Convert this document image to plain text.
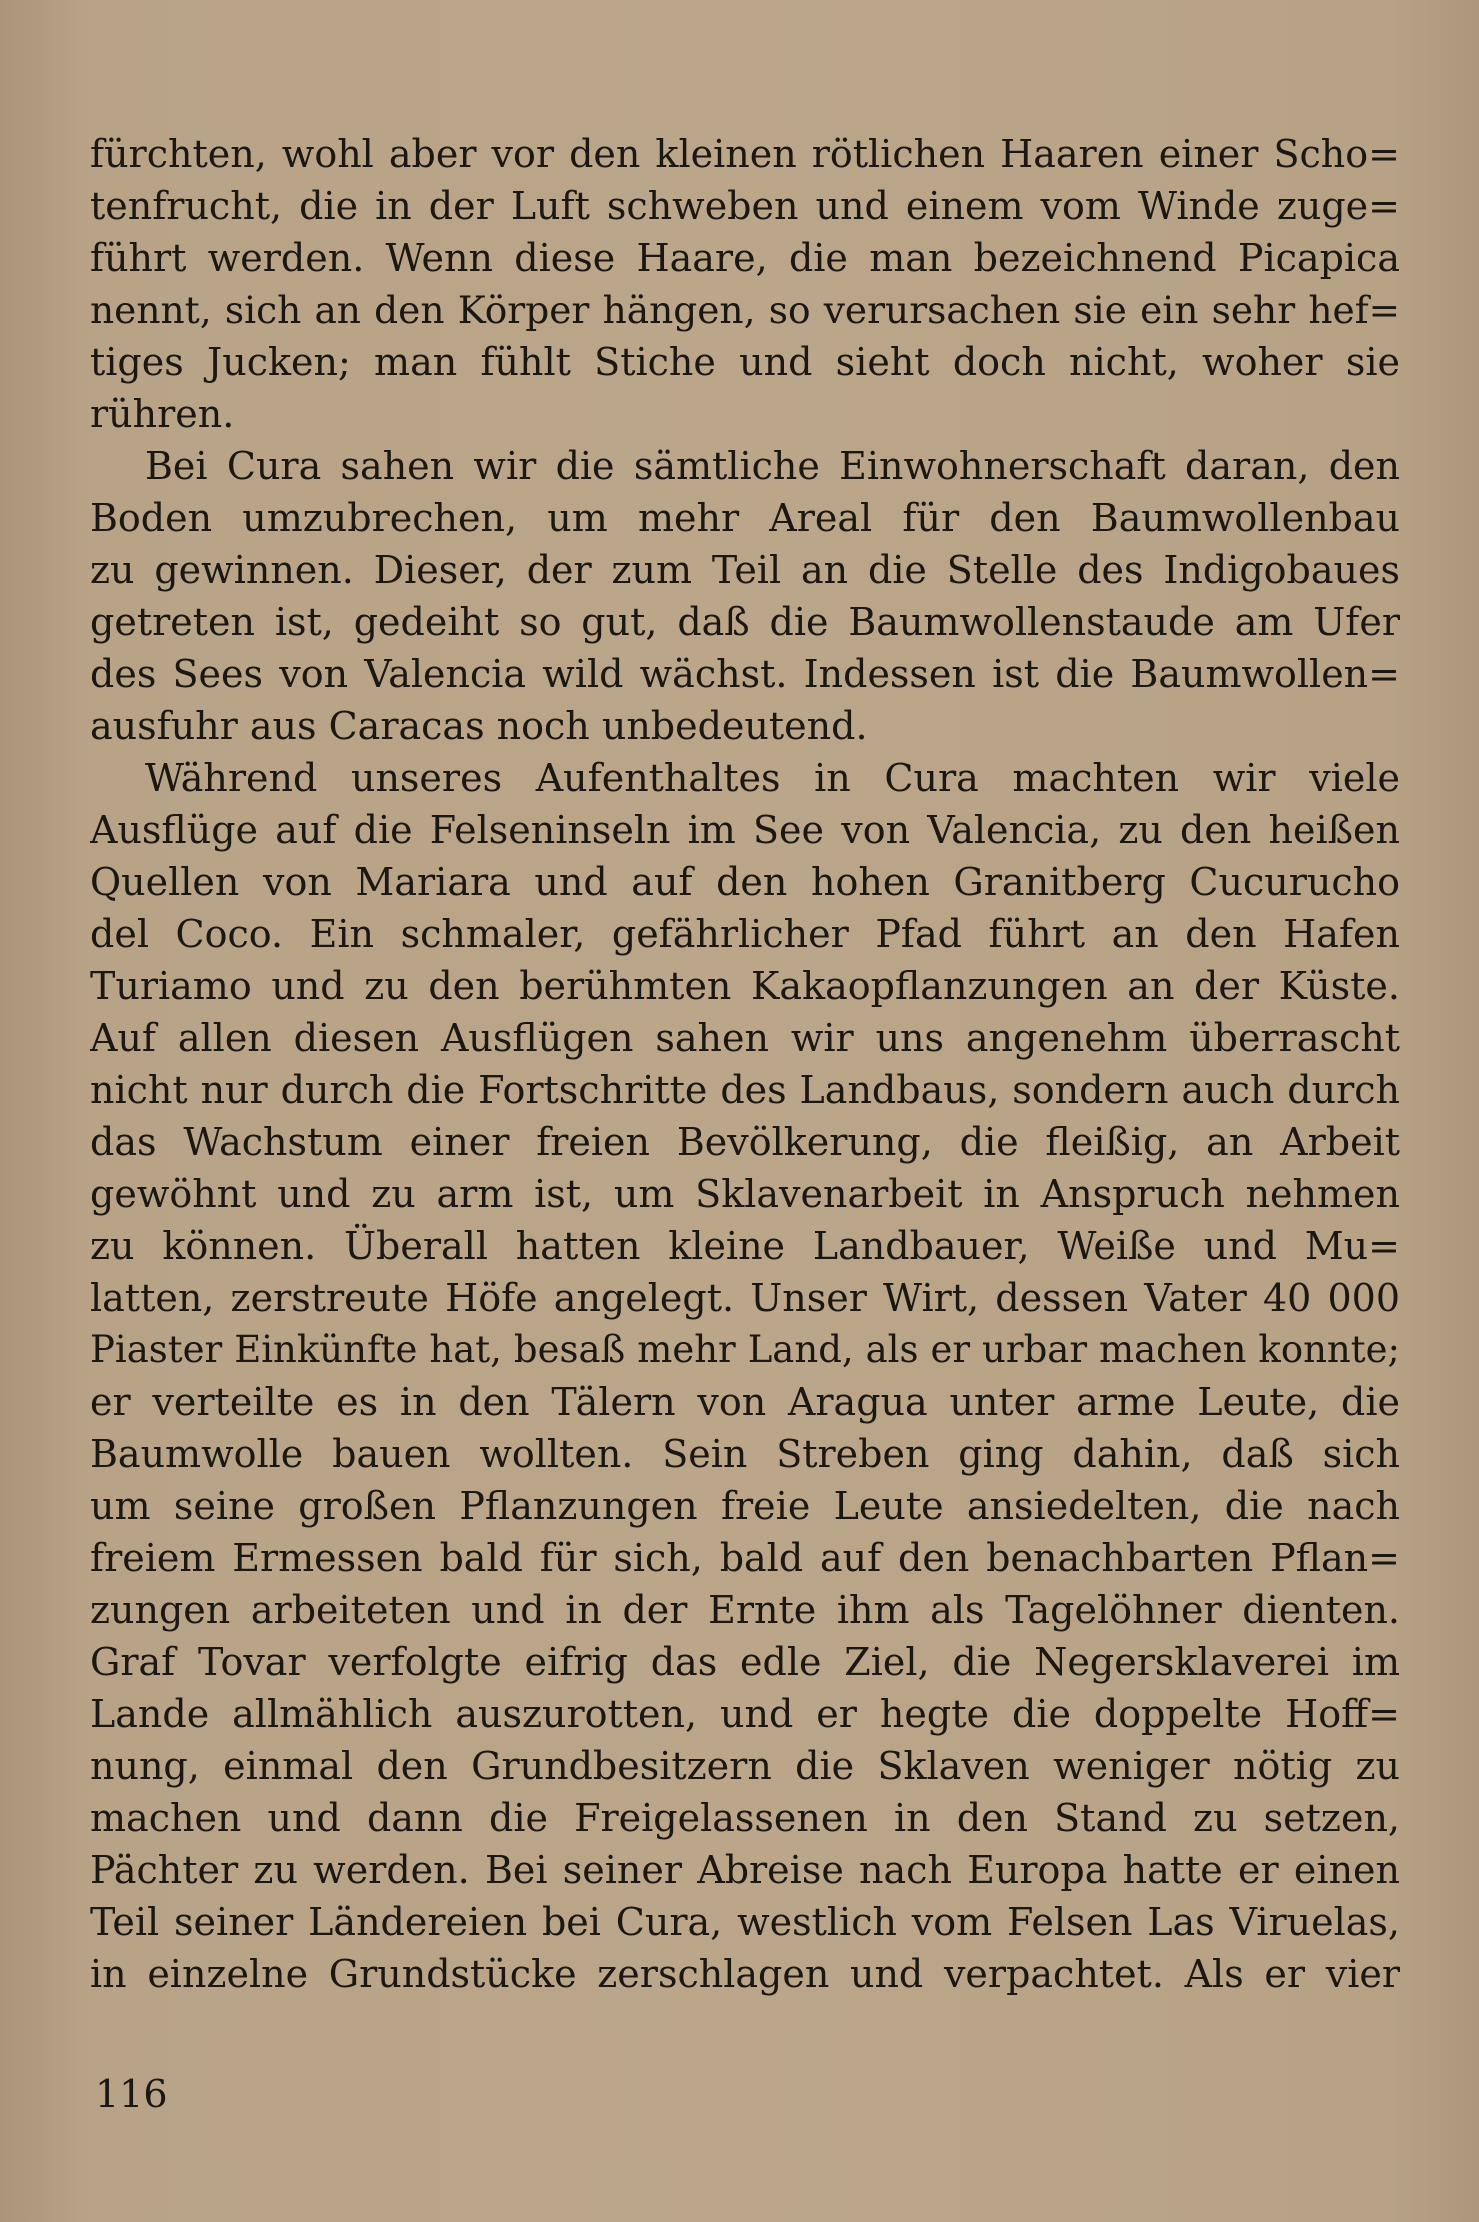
fürchten, wohl aber vor den kleinen rötlichen Haaren einer Scho=
tenfrucht, die in der Luft schweben und einem vom Winde zuge=
führt werden. Wenn diese Haare, die man bezeichnend Picapica
nennt, sich an den Körper hängen, so verursachen sie ein sehr hef=
tiges Jucken; man fühlt Stiche und sieht doch nicht, woher sie
rühren.
Bei Cura sahen wir die sämtliche Einwohnerschaft daran, den
Boden umzubrechen, um mehr Areal für den Baumwollenbau
zu gewinnen. Dieser, der zum Teil an die Stelle des Indigobaues
getreten ist, gedeiht so gut, daß die Baumwollenstaude am Ufer
des Sees von Valencia wild wächst. Indessen ist die Baumwollen=
ausfuhr aus Caracas noch unbedeutend.
Während unseres Aufenthaltes in Cura machten wir viele
Ausflüge auf die Felseninseln im See von Valencia, zu den heißen
Quellen von Mariara und auf den hohen Granitberg Cucurucho
del Coco. Ein schmaler, gefährlicher Pfad führt an den Hafen
Turiamo und zu den berühmten Kakaopflanzungen an der Küste.
Auf allen diesen Ausflügen sahen wir uns angenehm überrascht
nicht nur durch die Fortschritte des Landbaus, sondern auch durch
das Wachstum einer freien Bevölkerung, die fleißig, an Arbeit
gewöhnt und zu arm ist, um Sklavenarbeit in Anspruch nehmen
zu können. Überall hatten kleine Landbauer, Weiße und Mu=
latten, zerstreute Höfe angelegt. Unser Wirt, dessen Vater 40 000
Piaster Einkünfte hat, besaß mehr Land, als er urbar machen konnte;
er verteilte es in den Tälern von Aragua unter arme Leute, die
Baumwolle bauen wollten. Sein Streben ging dahin, daß sich
um seine großen Pflanzungen freie Leute ansiedelten, die nach
freiem Ermessen bald für sich, bald auf den benachbarten Pflan=
zungen arbeiteten und in der Ernte ihm als Tagelöhner dienten.
Graf Tovar verfolgte eifrig das edle Ziel, die Negersklaverei im
Lande allmählich auszurotten, und er hegte die doppelte Hoff=
nung, einmal den Grundbesitzern die Sklaven weniger nötig zu
machen und dann die Freigelassenen in den Stand zu setzen,
Pächter zu werden. Bei seiner Abreise nach Europa hatte er einen
Teil seiner Ländereien bei Cura, westlich vom Felsen Las Viruelas,
in einzelne Grundstücke zerschlagen und verpachtet. Als er vier
116
